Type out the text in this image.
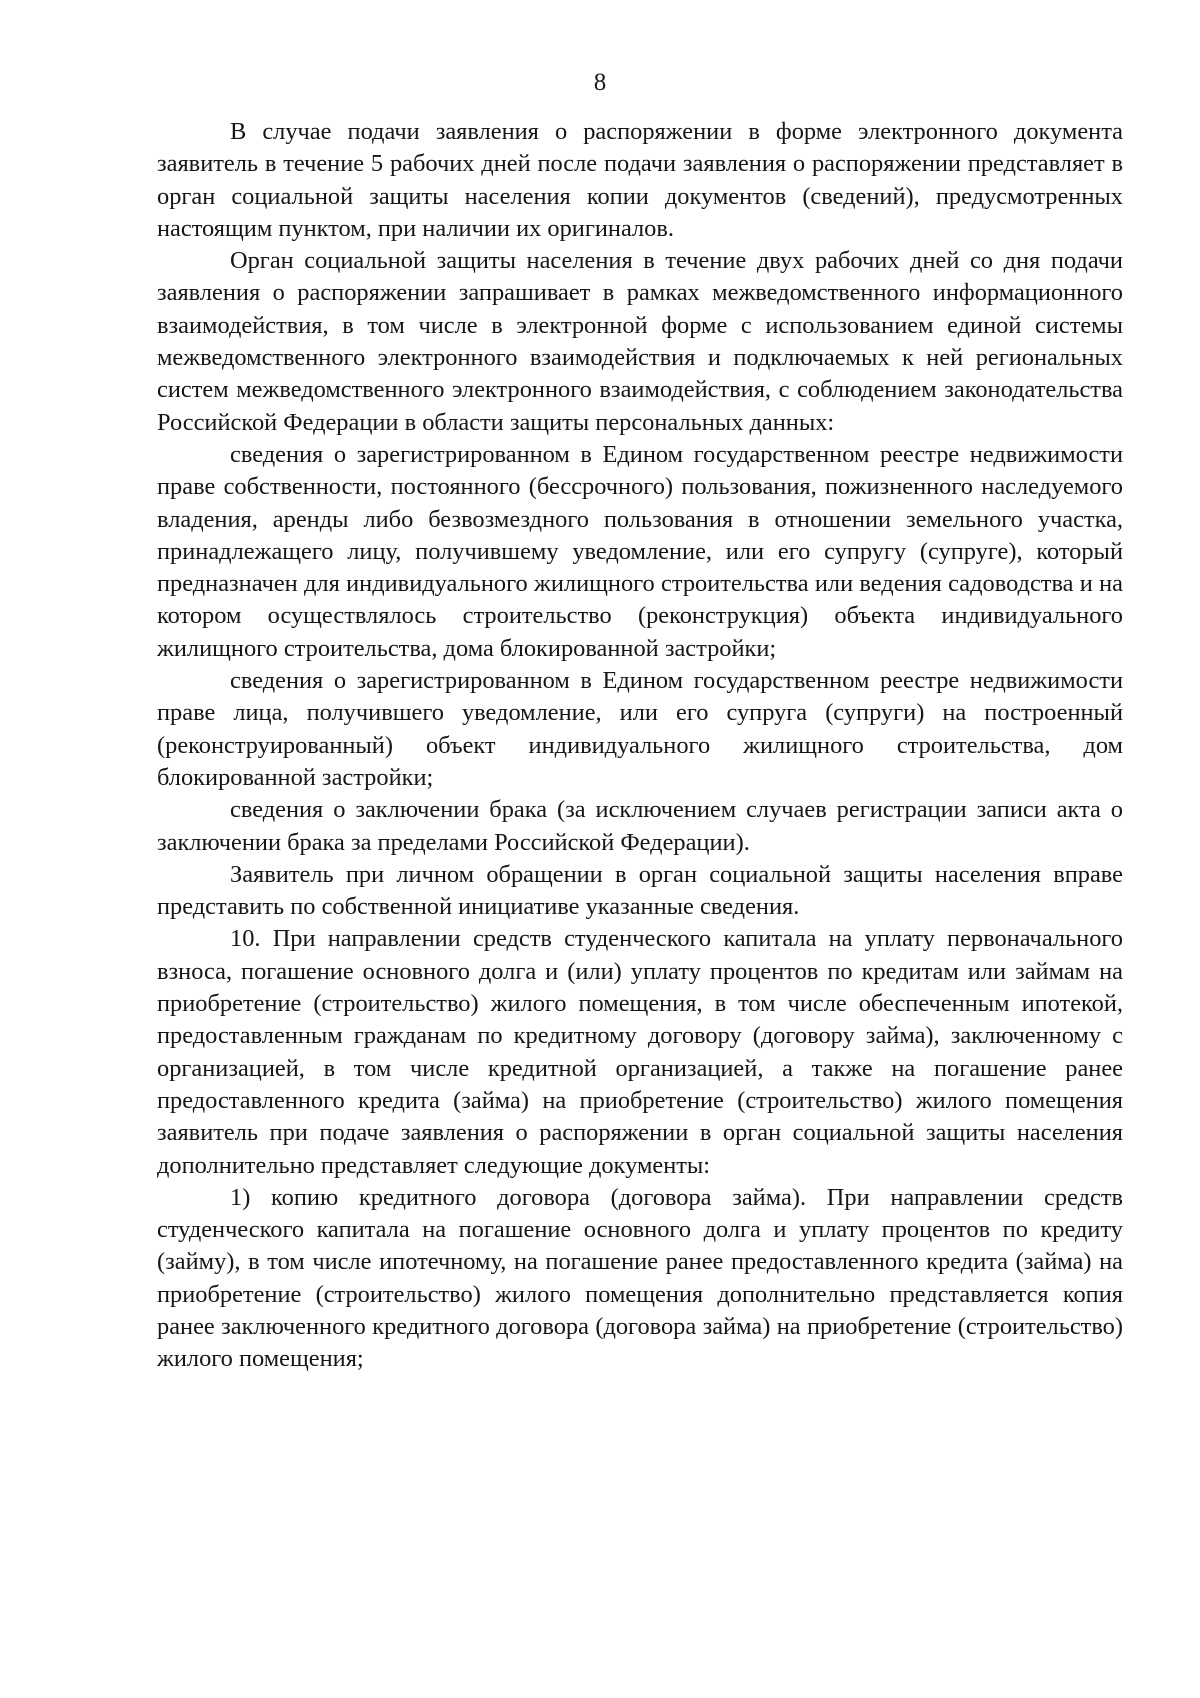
8

В случае подачи заявления о распоряжении в форме электронного документа заявитель в течение 5 рабочих дней после подачи заявления о распоряжении представляет в орган социальной защиты населения копии документов (сведений), предусмотренных настоящим пунктом, при наличии их оригиналов.

Орган социальной защиты населения в течение двух рабочих дней со дня подачи заявления о распоряжении запрашивает в рамках межведомственного информационного взаимодействия, в том числе в электронной форме с использованием единой системы межведомственного электронного взаимодействия и подключаемых к ней региональных систем межведомственного электронного взаимодействия, с соблюдением законодательства Российской Федерации в области защиты персональных данных:

сведения о зарегистрированном в Едином государственном реестре недвижимости праве собственности, постоянного (бессрочного) пользования, пожизненного наследуемого владения, аренды либо безвозмездного пользования в отношении земельного участка, принадлежащего лицу, получившему уведомление, или его супругу (супруге), который предназначен для индивидуального жилищного строительства или ведения садоводства и на котором осуществлялось строительство (реконструкция) объекта индивидуального жилищного строительства, дома блокированной застройки;

сведения о зарегистрированном в Едином государственном реестре недвижимости праве лица, получившего уведомление, или его супруга (супруги) на построенный (реконструированный) объект индивидуального жилищного строительства, дом блокированной застройки;

сведения о заключении брака (за исключением случаев регистрации записи акта о заключении брака за пределами Российской Федерации).

Заявитель при личном обращении в орган социальной защиты населения вправе представить по собственной инициативе указанные сведения.

10. При направлении средств студенческого капитала на уплату первоначального взноса, погашение основного долга и (или) уплату процентов по кредитам или займам на приобретение (строительство) жилого помещения, в том числе обеспеченным ипотекой, предоставленным гражданам по кредитному договору (договору займа), заключенному с организацией, в том числе кредитной организацией, а также на погашение ранее предоставленного кредита (займа) на приобретение (строительство) жилого помещения заявитель при подаче заявления о распоряжении в орган социальной защиты населения дополнительно представляет следующие документы:

1) копию кредитного договора (договора займа). При направлении средств студенческого капитала на погашение основного долга и уплату процентов по кредиту (займу), в том числе ипотечному, на погашение ранее предоставленного кредита (займа) на приобретение (строительство) жилого помещения дополнительно представляется копия ранее заключенного кредитного договора (договора займа) на приобретение (строительство) жилого помещения;
